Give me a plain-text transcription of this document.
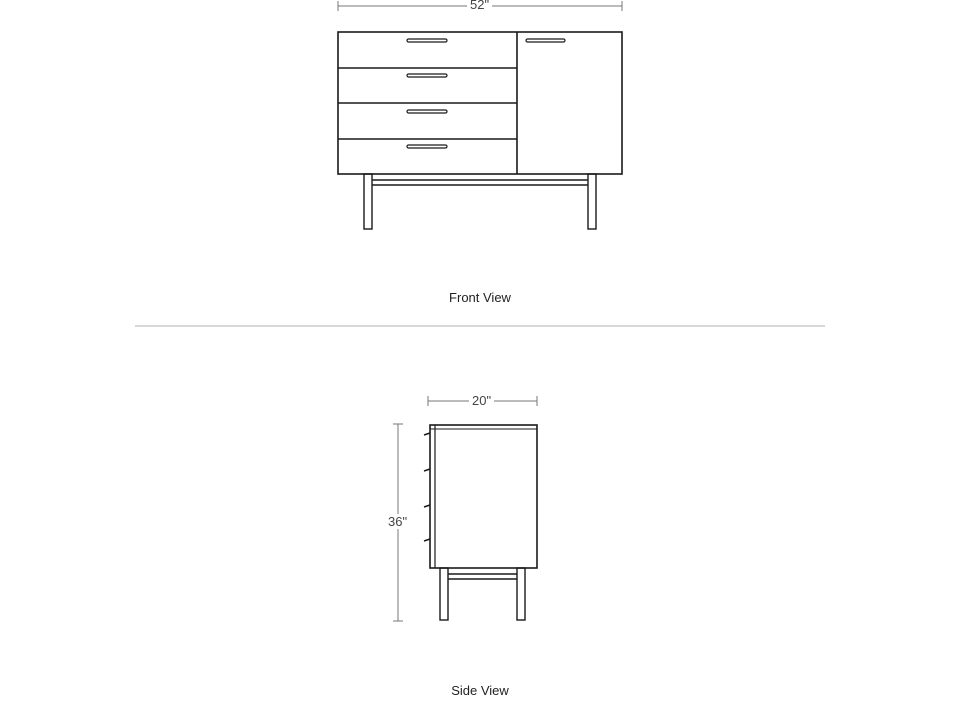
52"
Front View
20"
36"
Side View
